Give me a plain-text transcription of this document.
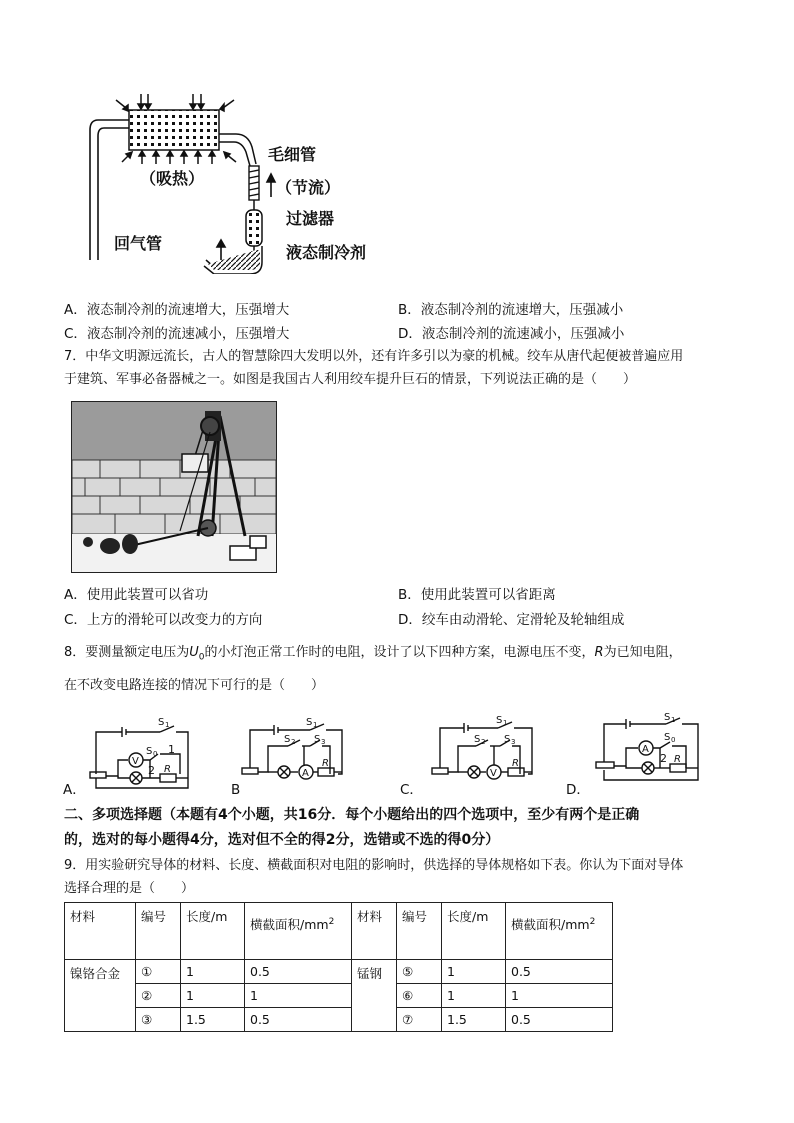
毛细管
（节流）
（吸热）
过滤器
回气管	液态制冷剂
A．液态制冷剂的流速增大，压强增大	B．液态制冷剂的流速增大，压强减小
C．液态制冷剂的流速减小，压强增大	D．液态制冷剂的流速减小，压强减小
7．中华文明源远流长，古人的智慧除四大发明以外，还有许多引以为豪的机械。绞车从唐代起便被普遍应用
于建筑、军事必备器械之一。如图是我国古人利用绞车提升巨石的情景，下列说法正确的是（　　）
A．使用此装置可以省功	B．使用此装置可以省距离
C．上方的滑轮可以改变力的方向	D．绞车由动滑轮、定滑轮及轮轴组成
8．要测量额定电压为$U_0$的小灯泡正常工作时的电阻，设计了以下四种方案，电源电压不变，R为已知电阻，
在不改变电路连接的情况下可行的是（　　）
S 1
V
S 0 1
2 R
A．
S 1
S 2 S 3
A
R
B
S 1
S 2 S 3
V
R
C．
S 1
A
S 0
2 R
D．
二、多项选择题（本题有4个小题，共16分．每个小题给出的四个选项中，至少有两个是正确
的，选对的每小题得4分，选对但不全的得2分，选错或不选的得0分）
9．用实验研究导体的材料、长度、横截面积对电阻的影响时，供选择的导体规格如下表。你认为下面对导体
选择合理的是（　　）
材料	编号	长度/m	横截面积$/mm^2$	材料	编号	长度/m	横截面积$/mm^2$
镍铬合金	①	1	0.5	锰钢	⑤	1	0.5
	②	1	1		⑥	1	1
	③	1.5	0.5		⑦	1.5	0.5
